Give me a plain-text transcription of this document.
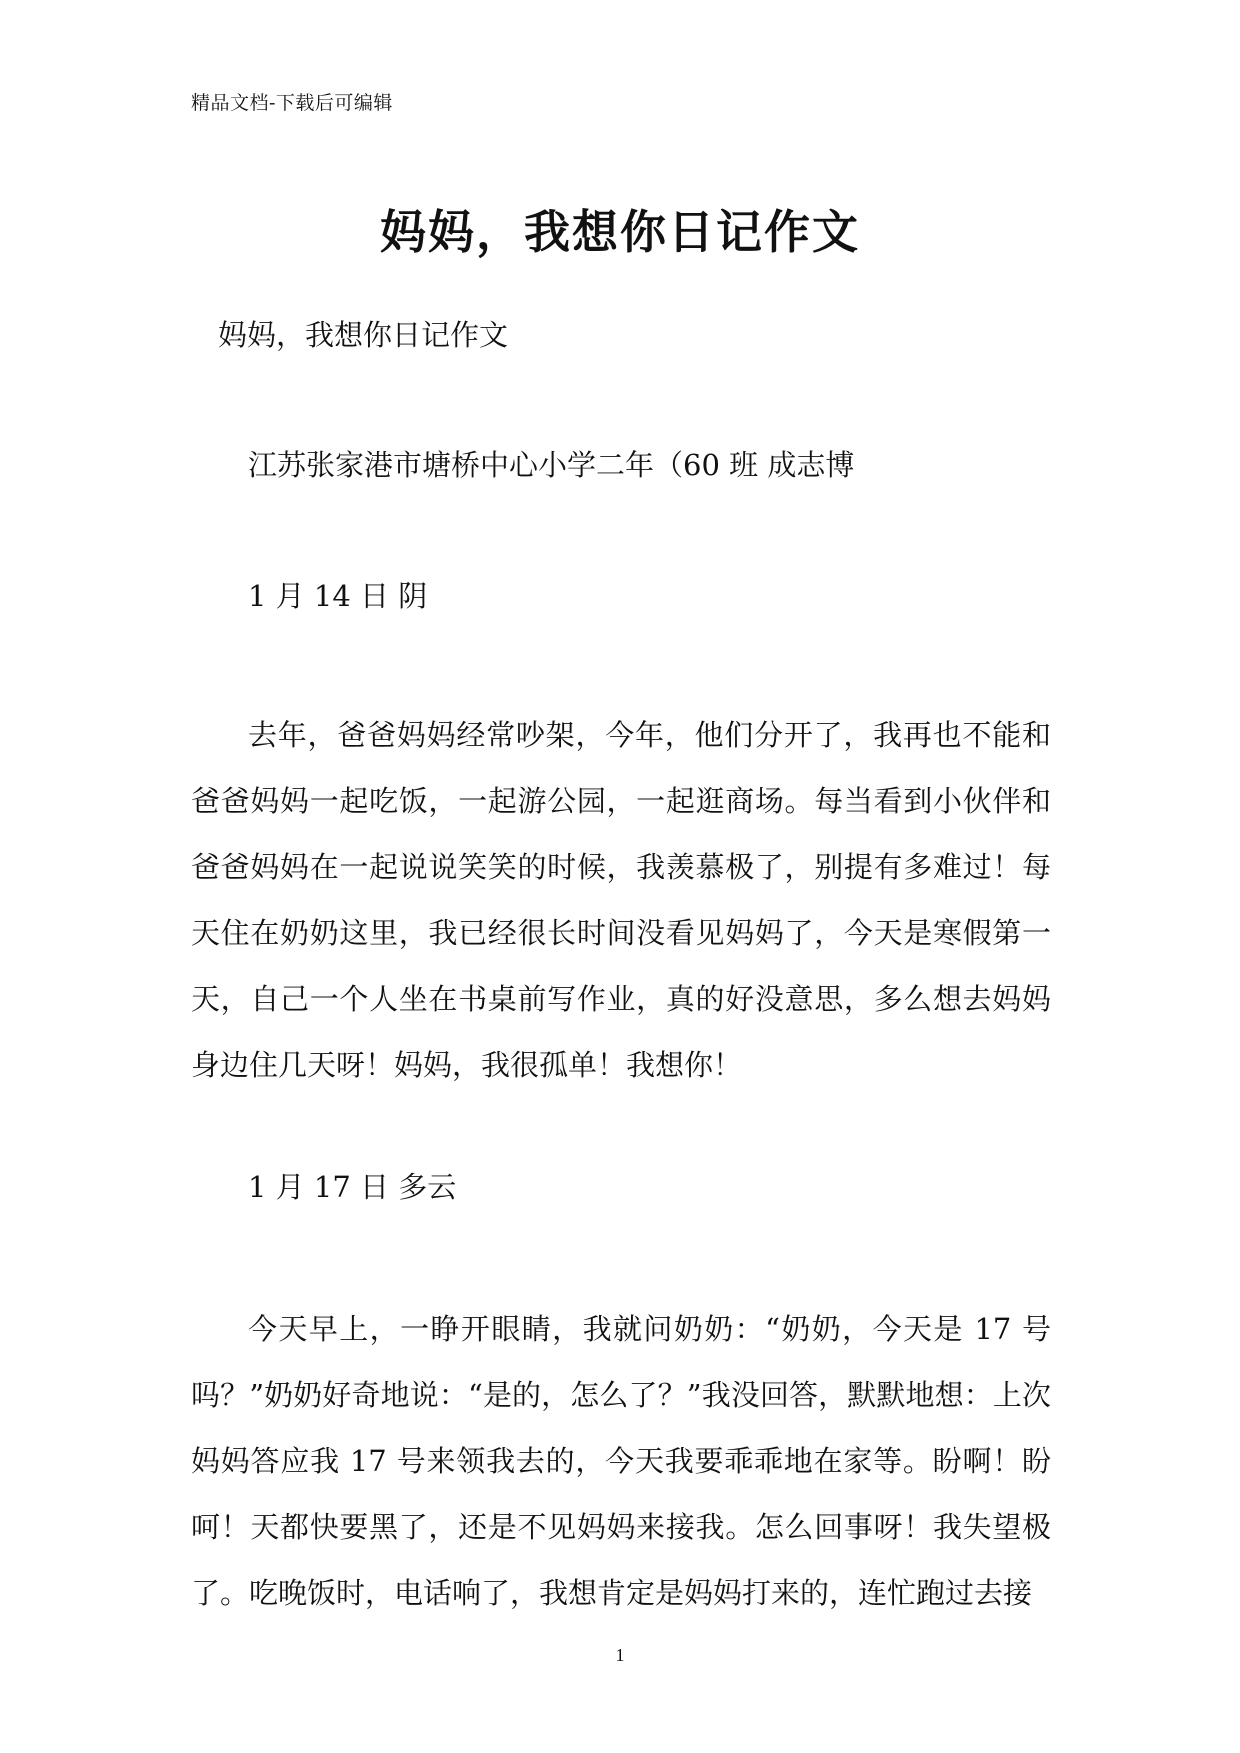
精品文档-下载后可编辑
妈妈，我想你日记作文
妈妈，我想你日记作文
江苏张家港市塘桥中心小学二年（60 班 成志博
1 月 14 日 阴

去年，爸爸妈妈经常吵架，今年，他们分开了，我再也不能和爸爸妈妈一起吃饭，一起游公园，一起逛商场。每当看到小伙伴和爸爸妈妈在一起说说笑笑的时候，我羡慕极了，别提有多难过！每天住在奶奶这里，我已经很长时间没看见妈妈了，今天是寒假第一天，自己一个人坐在书桌前写作业，真的好没意思，多么想去妈妈身边住几天呀！妈妈，我很孤单！我想你！

1 月 17 日 多云

今天早上，一睁开眼睛，我就问奶奶：“奶奶，今天是 17 号吗？”奶奶好奇地说：“是的，怎么了？”我没回答，默默地想：上次妈妈答应我 17 号来领我去的，今天我要乖乖地在家等。盼啊！盼呵！天都快要黑了，还是不见妈妈来接我。怎么回事呀！我失望极了。吃晚饭时，电话响了，我想肯定是妈妈打来的，连忙跑过去接

1
